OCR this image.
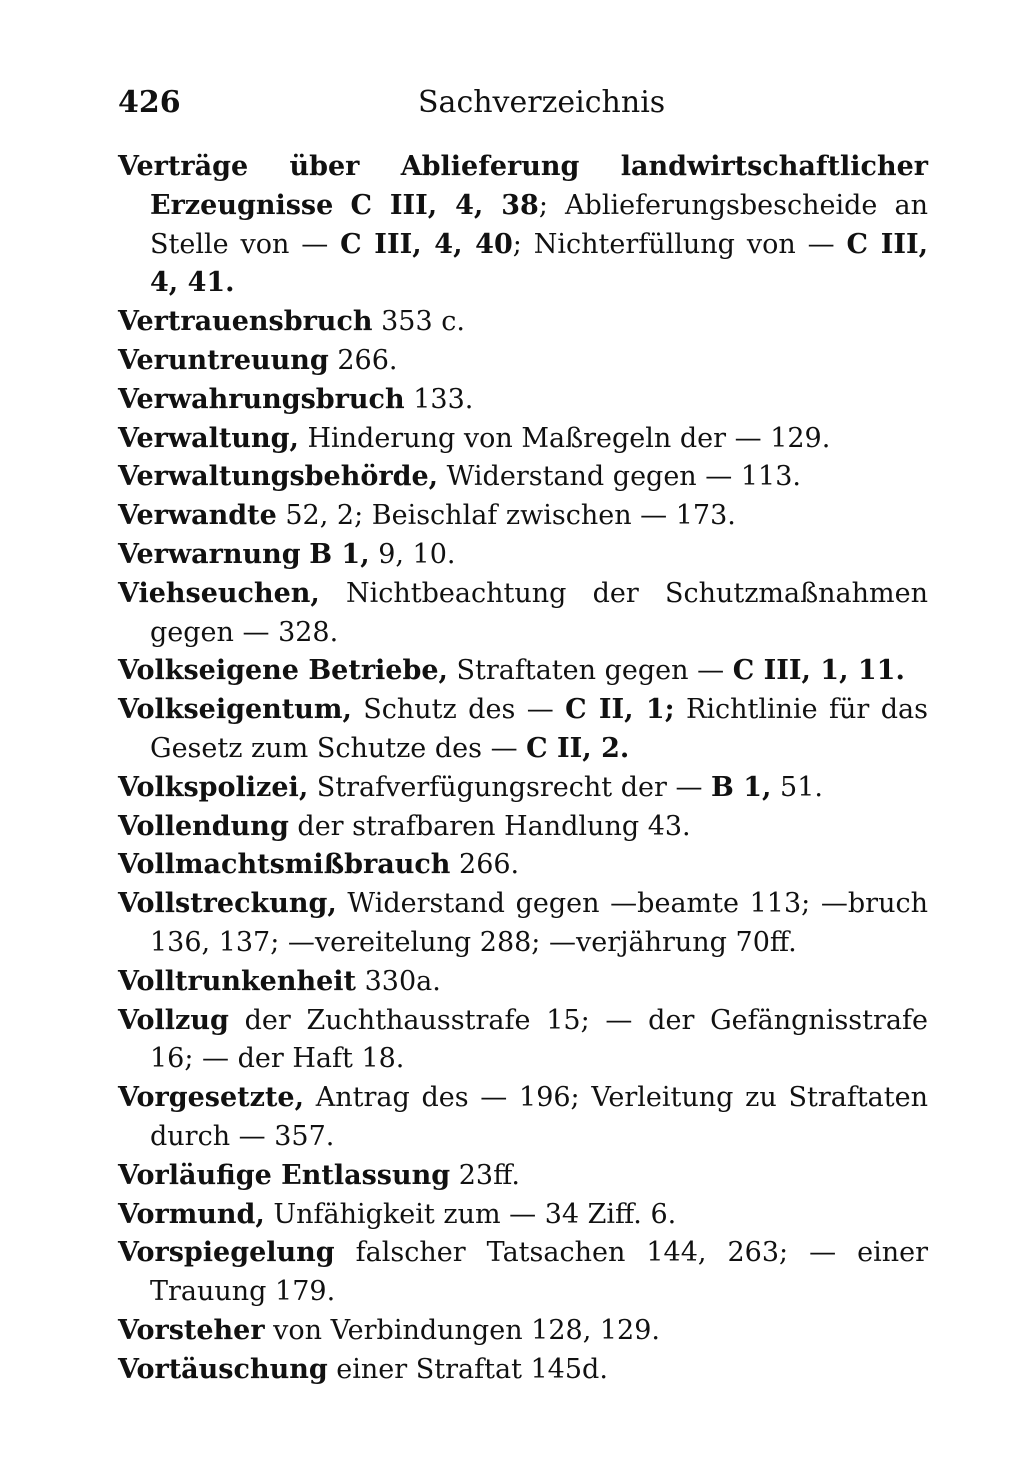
426	Sachverzeichnis
Verträge über Ablieferung landwirtschaftlicher Erzeugnisse C III, 4, 38; Ablieferungsbescheide an Stelle von — C III, 4, 40; Nichterfüllung von — C III, 4, 41.
Vertrauensbruch 353 c.
Veruntreuung 266.
Verwahrungsbruch 133.
Verwaltung, Hinderung von Maßregeln der — 129.
Verwaltungsbehörde, Widerstand gegen — 113.
Verwandte 52, 2; Beischlaf zwischen — 173.
Verwarnung B 1, 9, 10.
Viehseuchen, Nichtbeachtung der Schutzmaßnahmen gegen — 328.
Volkseigene Betriebe, Straftaten gegen — C III, 1, 11.
Volkseigentum, Schutz des — C II, 1; Richtlinie für das Gesetz zum Schutze des — C II, 2.
Volkspolizei, Strafverfügungsrecht der — B 1, 51.
Vollendung der strafbaren Handlung 43.
Vollmachtsmißbrauch 266.
Vollstreckung, Widerstand gegen —beamte 113; —bruch 136, 137; —vereitelung 288; —verjährung 70ff.
Volltrunkenheit 330a.
Vollzug der Zuchthausstrafe 15; — der Gefängnisstrafe 16; — der Haft 18.
Vorgesetzte, Antrag des — 196; Verleitung zu Straftaten durch — 357.
Vorläufige Entlassung 23ff.
Vormund, Unfähigkeit zum — 34 Ziff. 6.
Vorspiegelung falscher Tatsachen 144, 263; — einer Trauung 179.
Vorsteher von Verbindungen 128, 129.
Vortäuschung einer Straftat 145d.
